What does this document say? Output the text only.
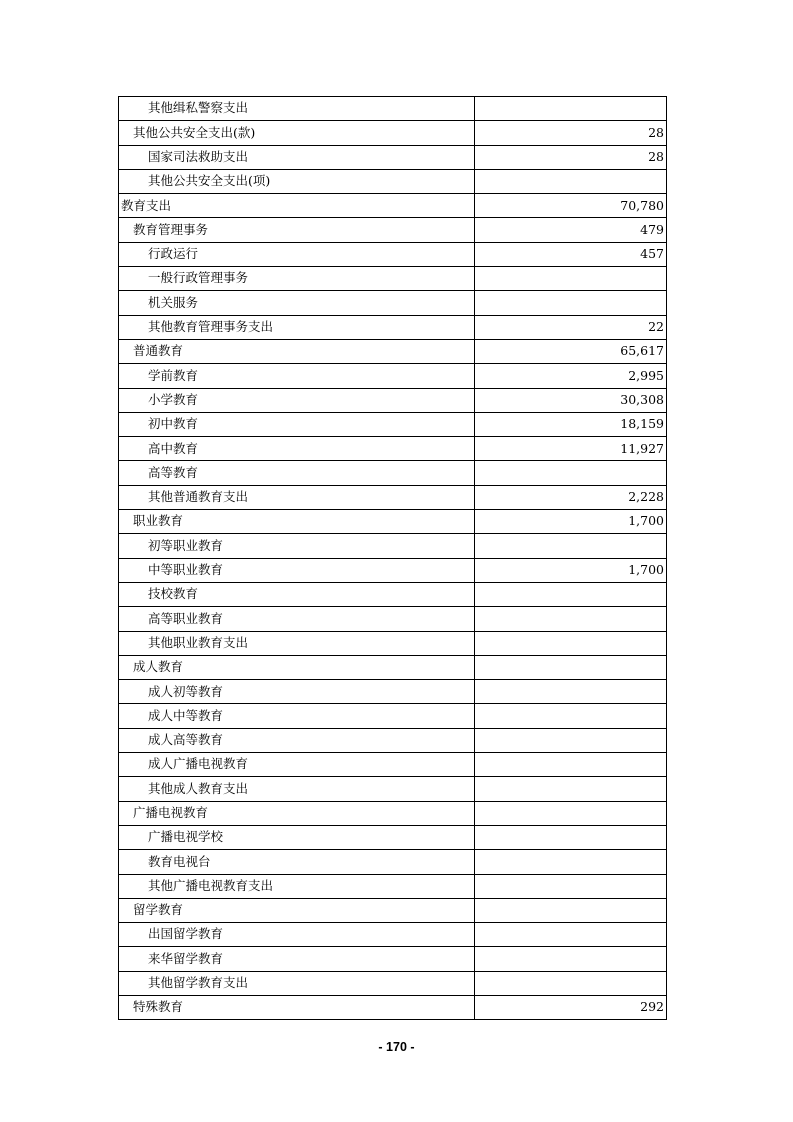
其他缉私警察支出	
其他公共安全支出(款)	28
国家司法救助支出	28
其他公共安全支出(项)	
教育支出	70,780
教育管理事务	479
行政运行	457
一般行政管理事务	
机关服务	
其他教育管理事务支出	22
普通教育	65,617
学前教育	2,995
小学教育	30,308
初中教育	18,159
高中教育	11,927
高等教育	
其他普通教育支出	2,228
职业教育	1,700
初等职业教育	
中等职业教育	1,700
技校教育	
高等职业教育	
其他职业教育支出	
成人教育	
成人初等教育	
成人中等教育	
成人高等教育	
成人广播电视教育	
其他成人教育支出	
广播电视教育	
广播电视学校	
教育电视台	
其他广播电视教育支出	
留学教育	
出国留学教育	
来华留学教育	
其他留学教育支出	
特殊教育	292
- 170 -
